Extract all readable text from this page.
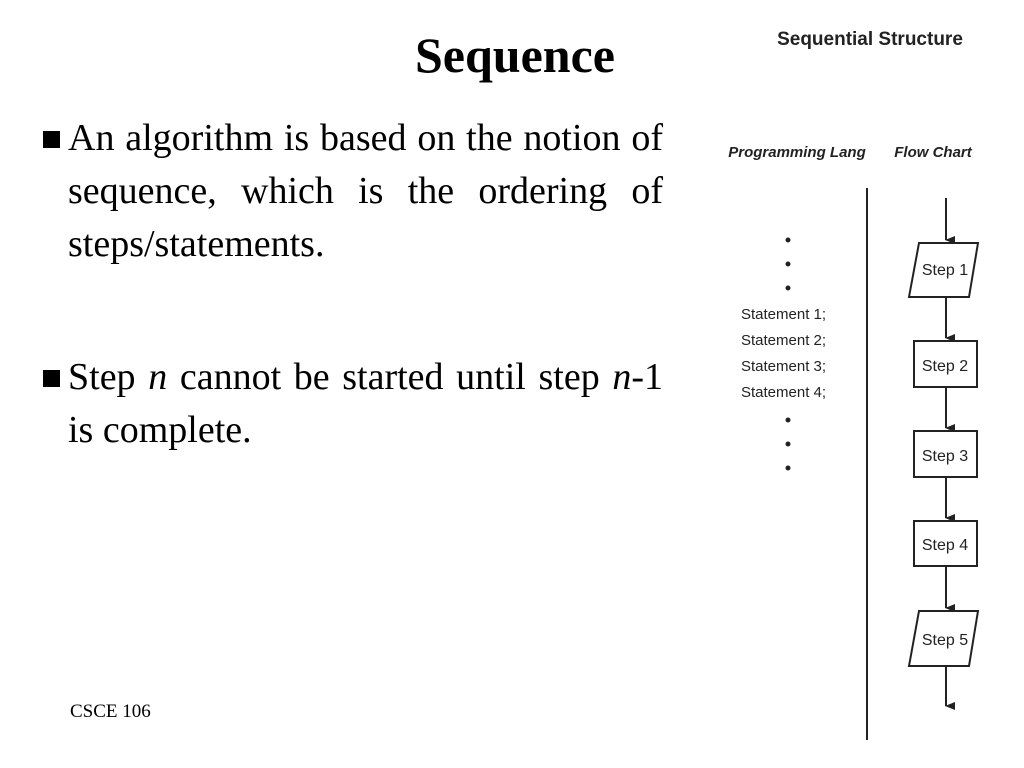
Sequence
An algorithm is based on the notion of sequence, which is the ordering of steps/statements.
Step n cannot be started until step n-1 is complete.
CSCE 106
Sequential Structure
Programming Lang Flow Chart
Statement 1;
Statement 2;
Statement 3;
Statement 4;
Step 1
Step 2
Step 3
Step 4
Step 5
